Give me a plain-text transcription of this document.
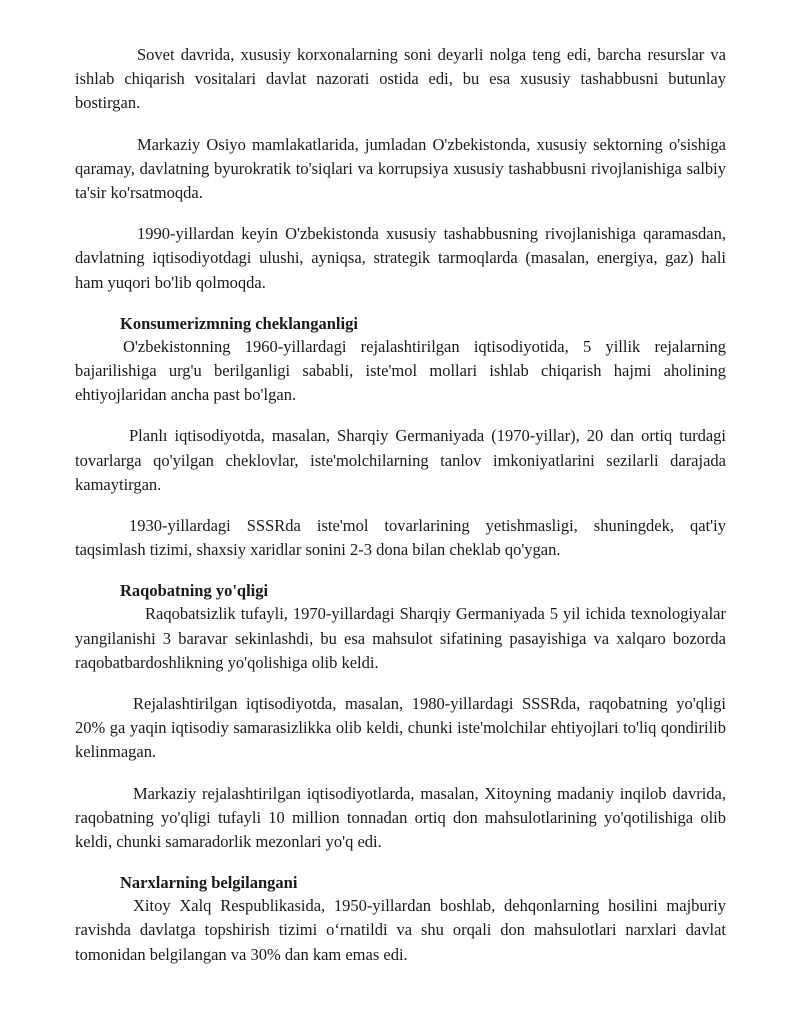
Sovet davrida, xususiy korxonalarning soni deyarli nolga teng edi, barcha resurslar va ishlab chiqarish vositalari davlat nazorati ostida edi, bu esa xususiy tashabbusni butunlay bostirgan.

Markaziy Osiyo mamlakatlarida, jumladan O'zbekistonda, xususiy sektorning o'sishiga qaramay, davlatning byurokratik to'siqlari va korrupsiya xususiy tashabbusni rivojlanishiga salbiy ta'sir ko'rsatmoqda.

1990-yillardan keyin O'zbekistonda xususiy tashabbusning rivojlanishiga qaramasdan, davlatning iqtisodiyotdagi ulushi, ayniqsa, strategik tarmoqlarda (masalan, energiya, gaz) hali ham yuqori bo'lib qolmoqda.

Konsumerizmning cheklanganligi

O'zbekistonning 1960-yillardagi rejalashtirilgan iqtisodiyotida, 5 yillik rejalarning bajarilishiga urg'u berilganligi sababli, iste'mol mollari ishlab chiqarish hajmi aholining ehtiyojlaridan ancha past bo'lgan.

Planlı iqtisodiyotda, masalan, Sharqiy Germaniyada (1970-yillar), 20 dan ortiq turdagi tovarlarga qo'yilgan cheklovlar, iste'molchilarning tanlov imkoniyatlarini sezilarli darajada kamaytirgan.

1930-yillardagi SSSRda iste'mol tovarlarining yetishmasligi, shuningdek, qat'iy taqsimlash tizimi, shaxsiy xaridlar sonini 2-3 dona bilan cheklab qo'ygan.

Raqobatning yo'qligi

Raqobatsizlik tufayli, 1970-yillardagi Sharqiy Germaniyada 5 yil ichida texnologiyalar yangilanishi 3 baravar sekinlashdi, bu esa mahsulot sifatining pasayishiga va xalqaro bozorda raqobatbardoshlikning yo'qolishiga olib keldi.

Rejalashtirilgan iqtisodiyotda, masalan, 1980-yillardagi SSSRda, raqobatning yo'qligi 20% ga yaqin iqtisodiy samarasizlikka olib keldi, chunki iste'molchilar ehtiyojlari to'liq qondirilib kelinmagan.

Markaziy rejalashtirilgan iqtisodiyotlarda, masalan, Xitoyning madaniy inqilob davrida, raqobatning yo'qligi tufayli 10 million tonnadan ortiq don mahsulotlarining yo'qotilishiga olib keldi, chunki samaradorlik mezonlari yo'q edi.

Narxlarning belgilangani

Xitoy Xalq Respublikasida, 1950-yillardan boshlab, dehqonlarning hosilini majburiy ravishda davlatga topshirish tizimi o‘rnatildi va shu orqali don mahsulotlari narxlari davlat tomonidan belgilangan va 30% dan kam emas edi.
